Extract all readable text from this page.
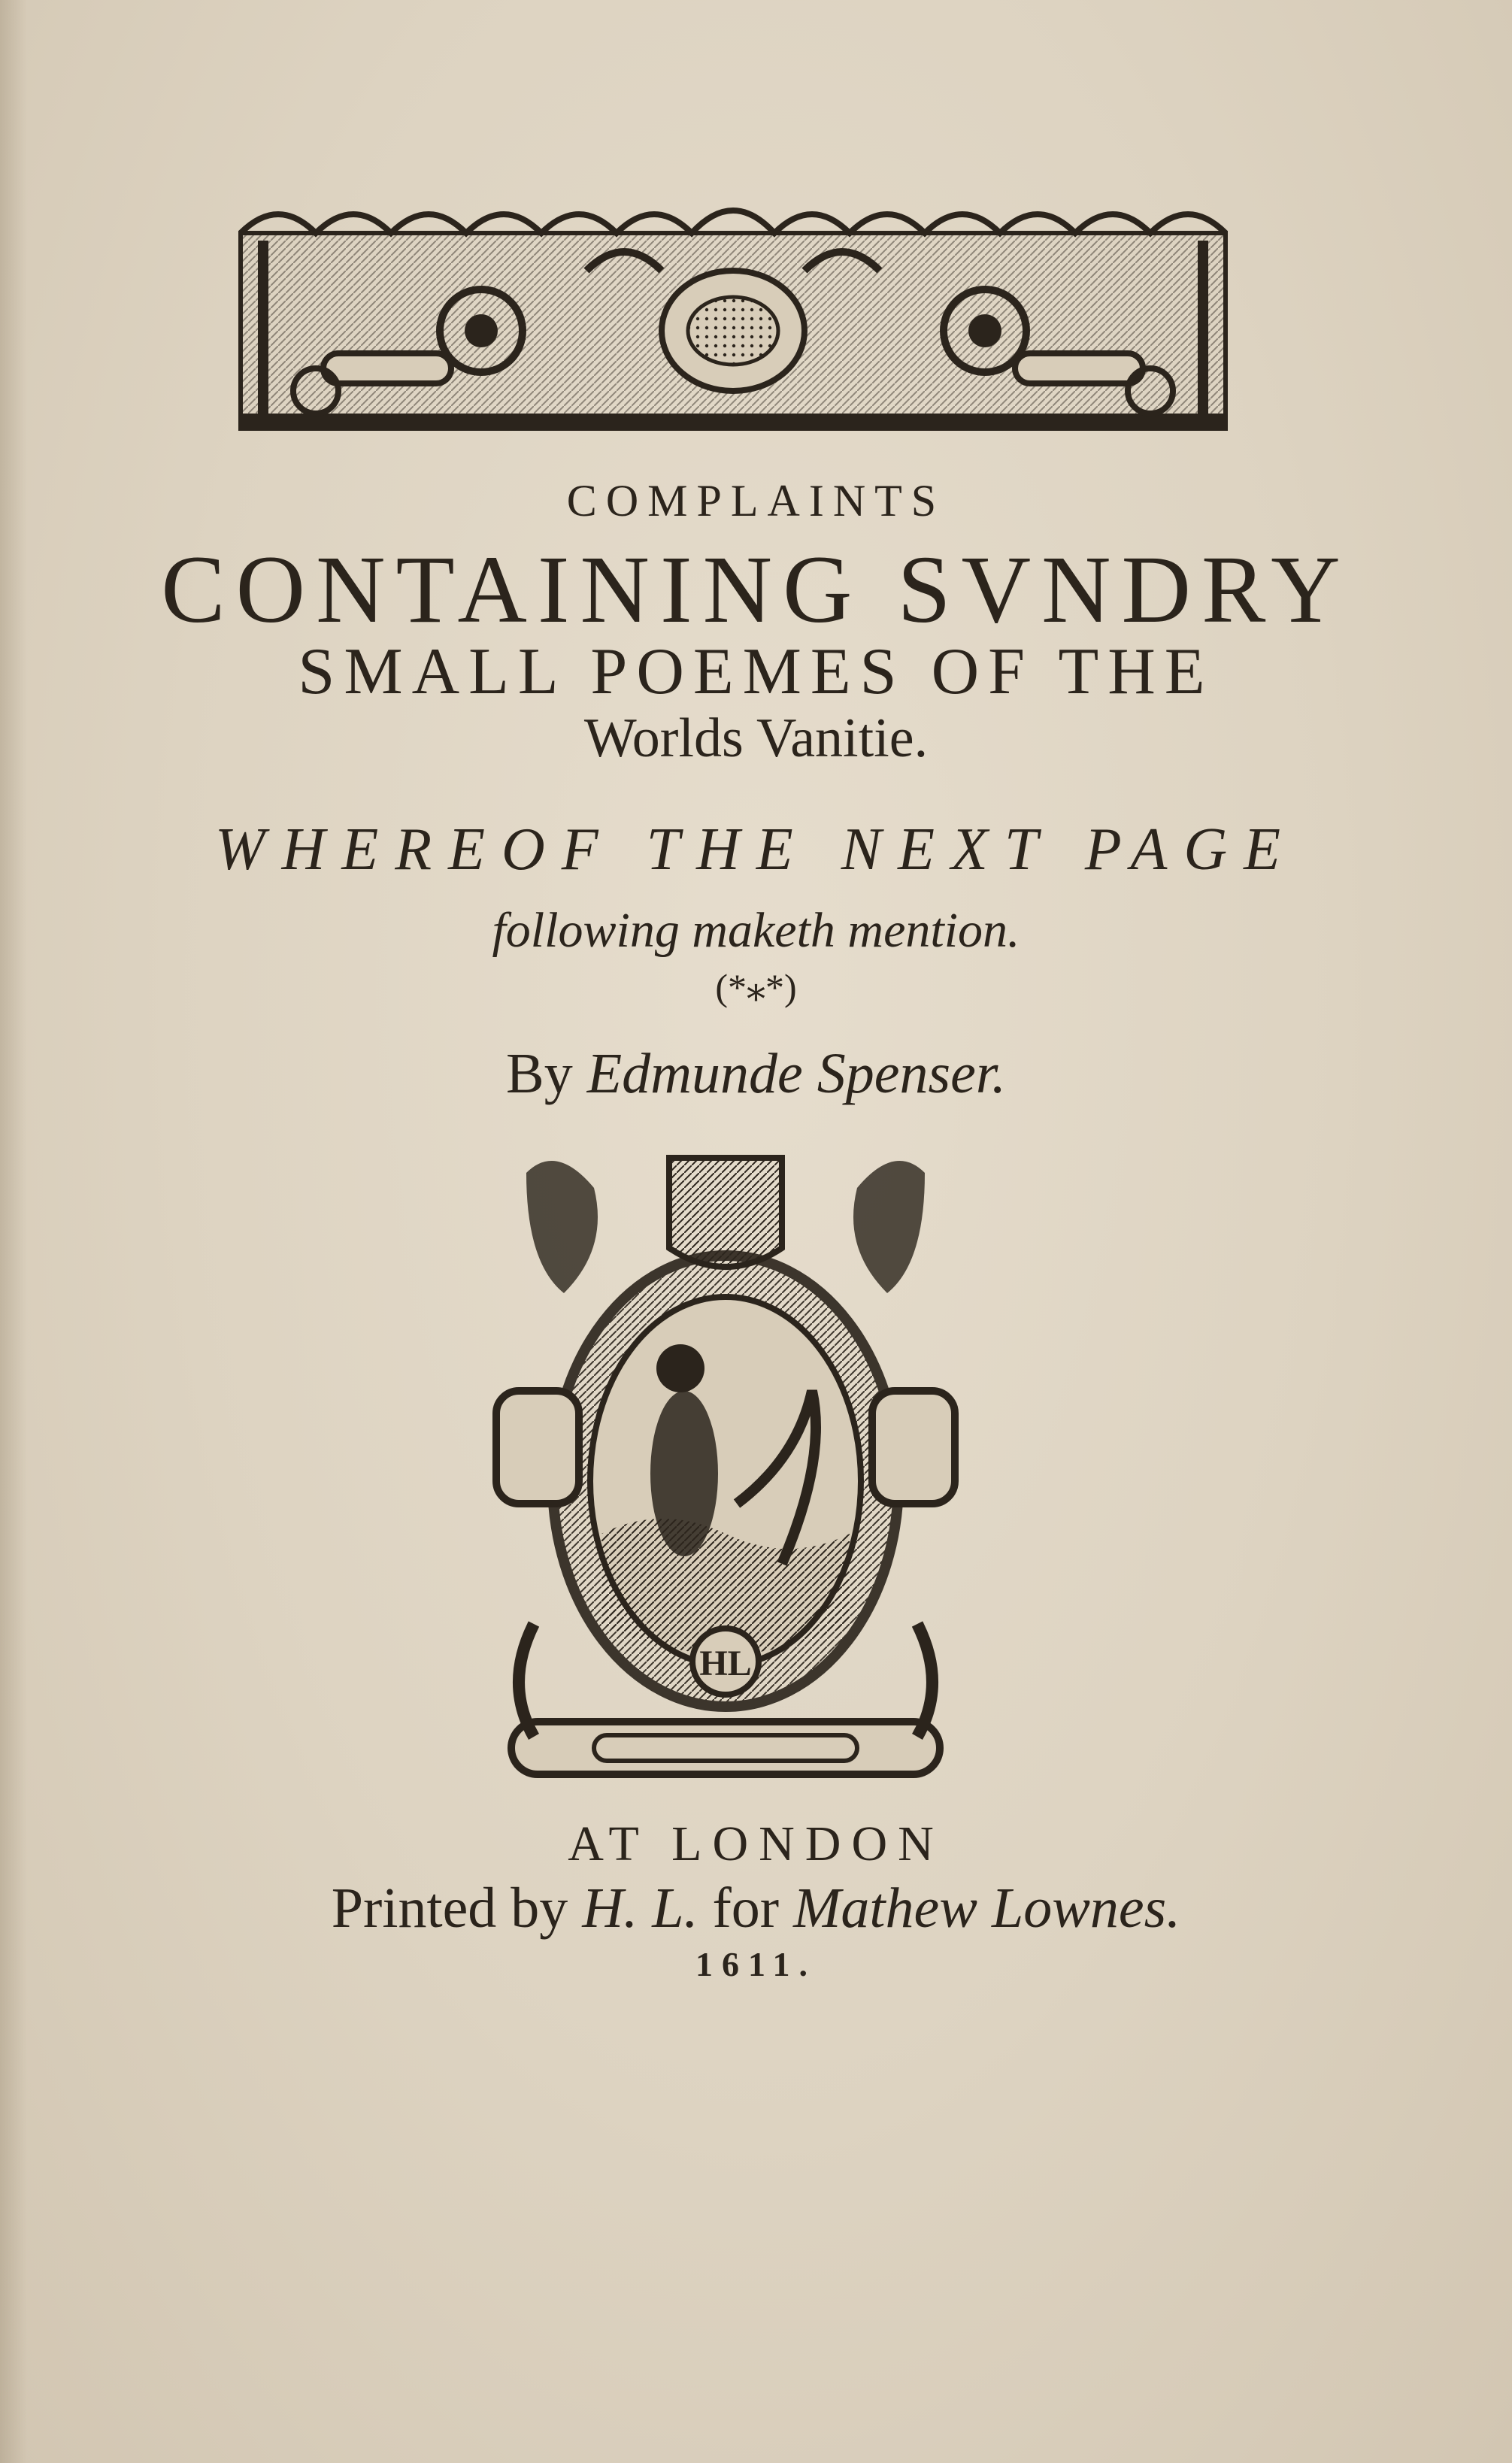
COMPLAINTS
CONTAINING SVNDRY
SMALL POEMES OF THE
Worlds Vanitie.
WHEREOF THE NEXT PAGE
following maketh mention.
(*⁎*)
By Edmunde Spenser.
HL
AT LONDON
Printed by H. L. for Mathew Lownes.
1611.
